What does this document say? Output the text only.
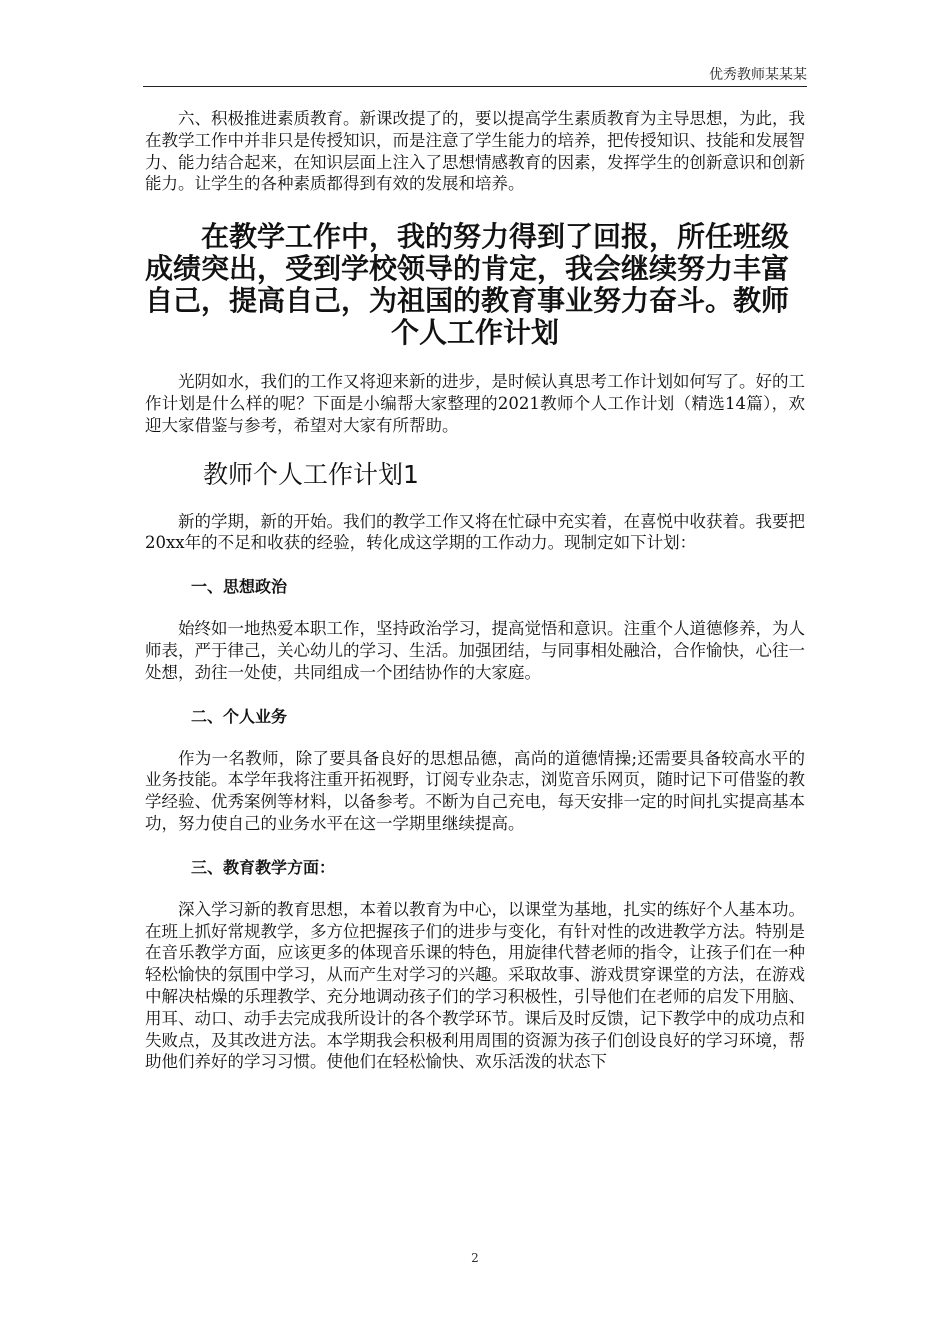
优秀教师某某某

六、积极推进素质教育。新课改提了的，要以提高学生素质教育为主导思想，为此，我在教学工作中并非只是传授知识，而是注意了学生能力的培养，把传授知识、技能和发展智力、能力结合起来，在知识层面上注入了思想情感教育的因素，发挥学生的创新意识和创新能力。让学生的各种素质都得到有效的发展和培养。

在教学工作中，我的努力得到了回报，所任班级成绩突出，受到学校领导的肯定，我会继续努力丰富自己，提高自己，为祖国的教育事业努力奋斗。教师
个人工作计划

光阴如水，我们的工作又将迎来新的进步，是时候认真思考工作计划如何写了。好的工作计划是什么样的呢？下面是小编帮大家整理的2021教师个人工作计划（精选14篇），欢迎大家借鉴与参考，希望对大家有所帮助。

教师个人工作计划1

新的学期，新的开始。我们的教学工作又将在忙碌中充实着，在喜悦中收获着。我要把20xx年的不足和收获的经验，转化成这学期的工作动力。现制定如下计划：

一、思想政治

始终如一地热爱本职工作，坚持政治学习，提高觉悟和意识。注重个人道德修养，为人师表，严于律己，关心幼儿的学习、生活。加强团结，与同事相处融洽，合作愉快，心往一处想，劲往一处使，共同组成一个团结协作的大家庭。

二、个人业务

作为一名教师，除了要具备良好的思想品德，高尚的道德情操;还需要具备较高水平的业务技能。本学年我将注重开拓视野，订阅专业杂志，浏览音乐网页，随时记下可借鉴的教学经验、优秀案例等材料，以备参考。不断为自己充电，每天安排一定的时间扎实提高基本功，努力使自己的业务水平在这一学期里继续提高。

三、教育教学方面：

深入学习新的教育思想，本着以教育为中心，以课堂为基地，扎实的练好个人基本功。在班上抓好常规教学，多方位把握孩子们的进步与变化，有针对性的改进教学方法。特别是在音乐教学方面，应该更多的体现音乐课的特色，用旋律代替老师的指令，让孩子们在一种轻松愉快的氛围中学习，从而产生对学习的兴趣。采取故事、游戏贯穿课堂的方法，在游戏中解决枯燥的乐理教学、充分地调动孩子们的学习积极性，引导他们在老师的启发下用脑、用耳、动口、动手去完成我所设计的各个教学环节。课后及时反馈，记下教学中的成功点和失败点，及其改进方法。本学期我会积极利用周围的资源为孩子们创设良好的学习环境，帮助他们养好的学习习惯。使他们在轻松愉快、欢乐活泼的状态下

2
